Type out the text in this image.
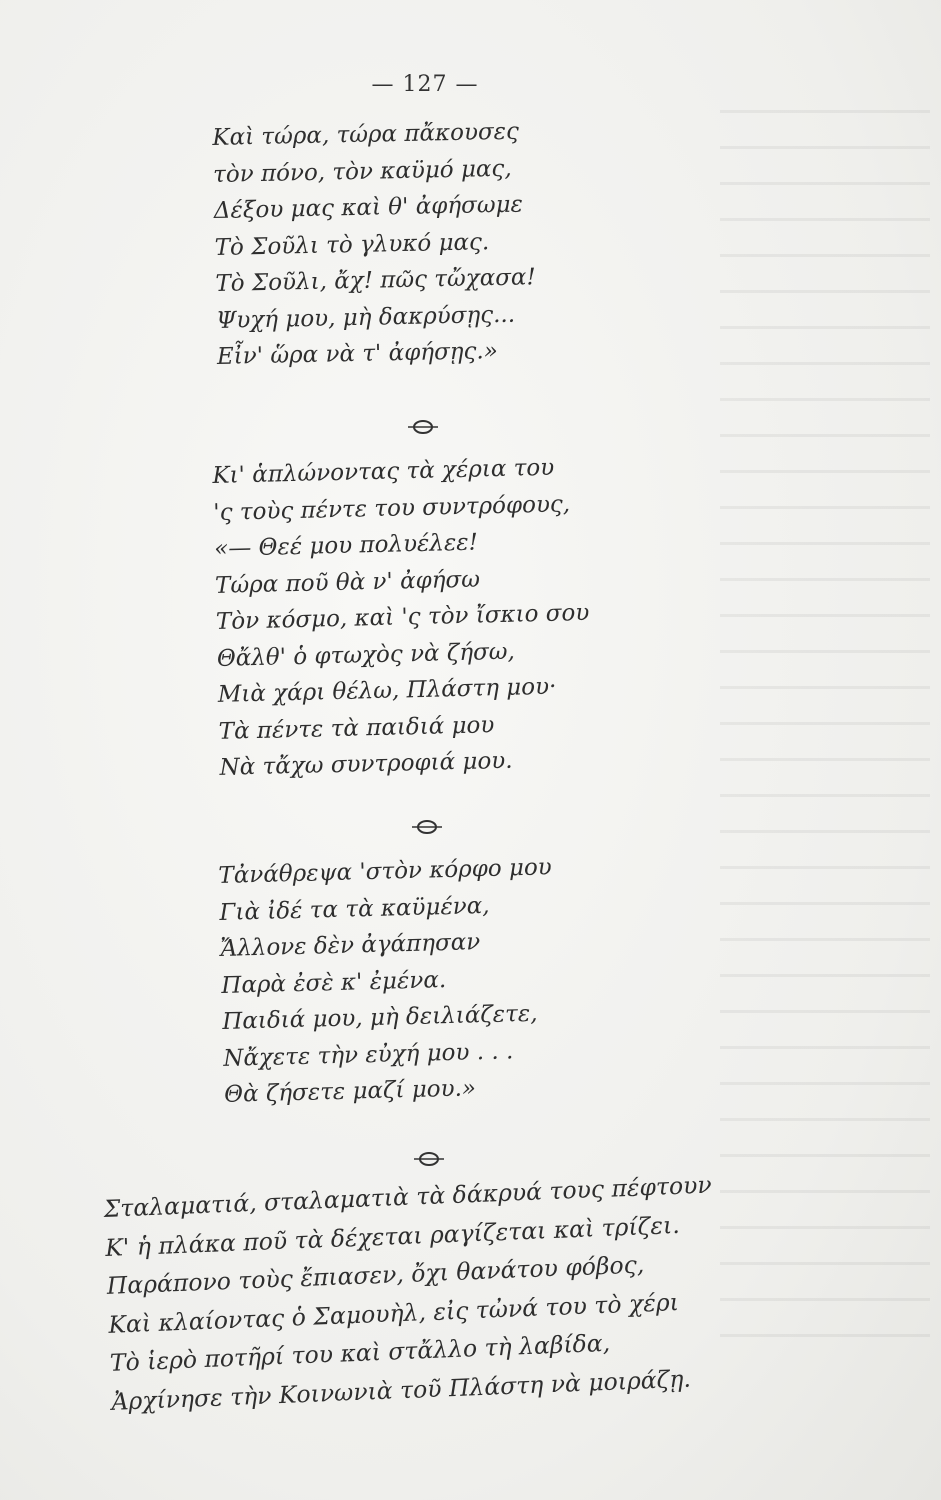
— 127 —
Καὶ τώρα, τώρα πἄκουσες
τὸν πόνο, τὸν καϋμό μας,
Δέξου μας καὶ θ' ἀφήσωμε
Τὸ Σοῦλι τὸ γλυκό μας.
Τὸ Σοῦλι, ἄχ! πῶς τὤχασα!
Ψυχή μου, μὴ δακρύσῃς...
Εἶν' ὥρα νὰ τ' ἀφήσῃς.»
Κι' ἁπλώνοντας τὰ χέρια του
'ς τοὺς πέντε του συντρόφους,
«— Θεέ μου πολυέλεε!
Τώρα ποῦ θὰ ν' ἀφήσω
Τὸν κόσμο, καὶ 'ς τὸν ἴσκιο σου
Θἄλθ' ὁ φτωχὸς νὰ ζήσω,
Μιὰ χάρι θέλω, Πλάστη μου·
Τὰ πέντε τὰ παιδιά μου
Νὰ τἄχω συντροφιά μου.
Τἀνάθρεψα 'στὸν κόρφο μου
Γιὰ ἰδέ τα τὰ καϋμένα,
Ἄλλονε δὲν ἀγάπησαν
Παρὰ ἐσὲ κ' ἐμένα.
Παιδιά μου, μὴ δειλιάζετε,
Νἄχετε τὴν εὐχή μου . . .
Θὰ ζήσετε μαζί μου.»
Σταλαματιά, σταλαματιὰ τὰ δάκρυά τους πέφτουν
Κ' ἡ πλάκα ποῦ τὰ δέχεται ραγίζεται καὶ τρίζει.
Παράπονο τοὺς ἔπιασεν, ὄχι θανάτου φόβος,
Καὶ κλαίοντας ὁ Σαμουὴλ, εἰς τὠνά του τὸ χέρι
Τὸ ἱερὸ ποτῆρί του καὶ στἄλλο τὴ λαβίδα,
Ἀρχίνησε τὴν Κοινωνιὰ τοῦ Πλάστη νὰ μοιράζῃ.
